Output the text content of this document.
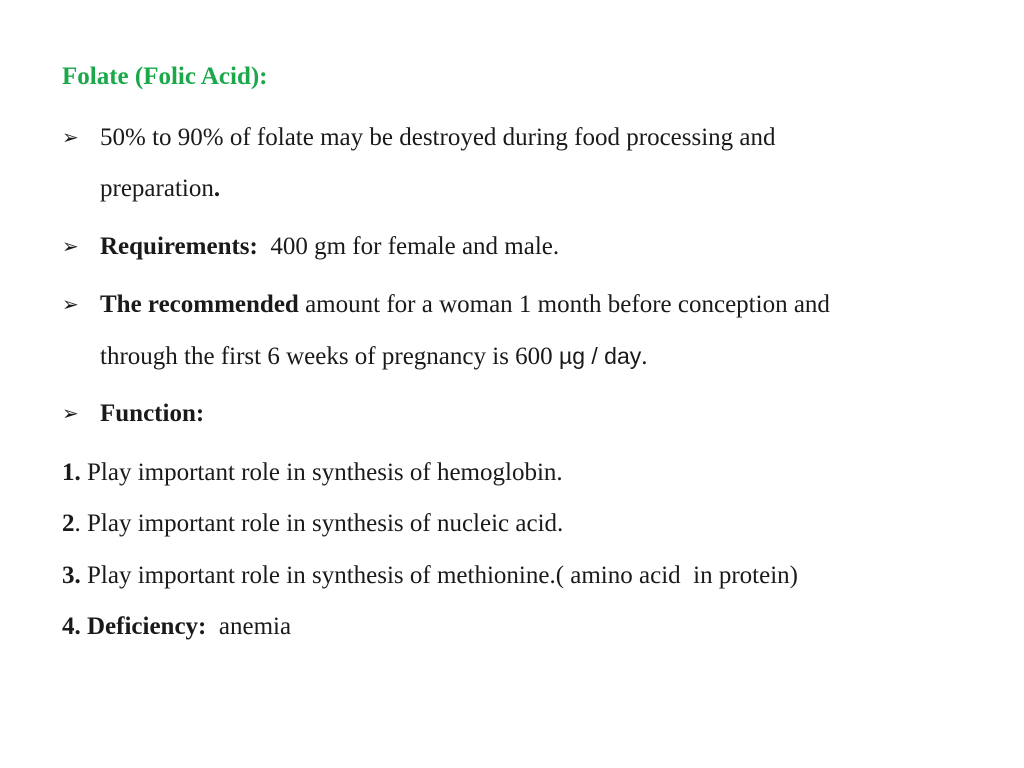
Folate (Folic Acid):
➢ 50% to 90% of folate may be destroyed during food processing and
preparation.
➢ Requirements:  400 gm for female and male.
➢ The recommended amount for a woman 1 month before conception and
through the first 6 weeks of pregnancy is 600 µg / day.
➢ Function:
1. Play important role in synthesis of hemoglobin.
2. Play important role in synthesis of nucleic acid.
3. Play important role in synthesis of methionine.( amino acid  in protein)
4. Deficiency:  anemia
